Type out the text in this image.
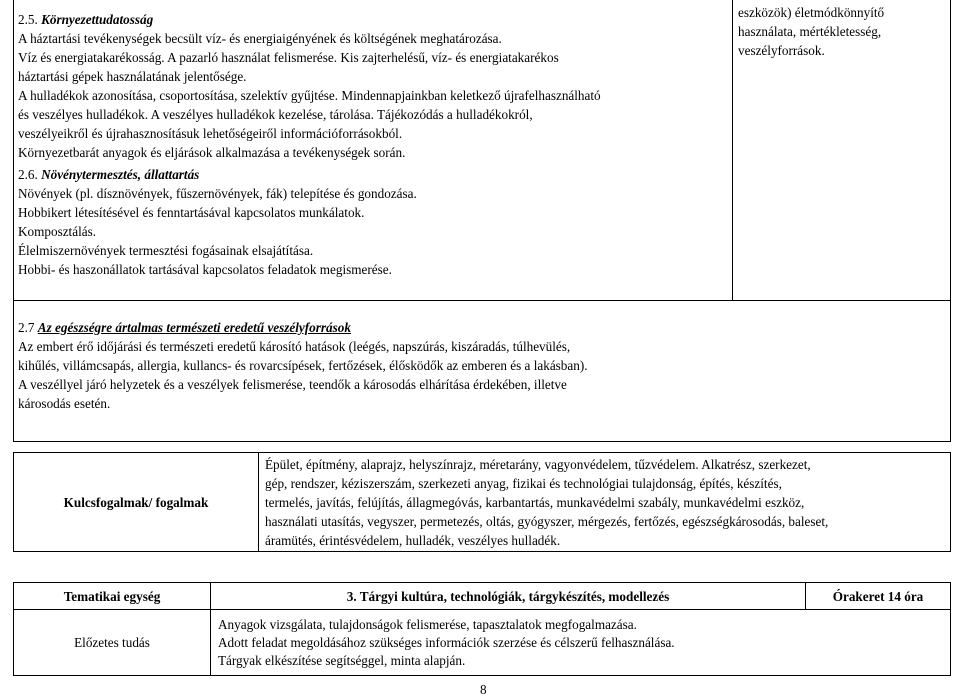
2.5. Környezettudatosság
A háztartási tevékenységek becsült víz- és energiaigényének és költségének meghatározása.
Víz és energiatakarékosság. A pazarló használat felismerése. Kis zajterhelésű, víz- és energiatakarékos
háztartási gépek használatának jelentősége.
A hulladékok azonosítása, csoportosítása, szelektív gyűjtése. Mindennapjainkban keletkező újrafelhasználható
és veszélyes hulladékok. A veszélyes hulladékok kezelése, tárolása. Tájékozódás a hulladékokról,
veszélyeikről és újrahasznosításuk lehetőségeiről információforrásokból.
Környezetbarát anyagok és eljárások alkalmazása a tevékenységek során.
2.6. Növénytermesztés, állattartás
Növények (pl. dísznövények, fűszernövények, fák) telepítése és gondozása.
Hobbikert létesítésével és fenntartásával kapcsolatos munkálatok.
Komposztálás.
Élelmiszernövények termesztési fogásainak elsajátítása.
Hobbi- és haszonállatok tartásával kapcsolatos feladatok megismerése.
eszközök) életmódkönnyítő
használata, mértékletesség,
veszélyforrások.
2.7 Az egészségre ártalmas természeti eredetű veszélyforrások
Az embert érő időjárási és természeti eredetű károsító hatások (leégés, napszúrás, kiszáradás, túlhevülés,
kihűlés, villámcsapás, allergia, kullancs- és rovarcsípések, fertőzések, élősködők az emberen és a lakásban).
A veszéllyel járó helyzetek és a veszélyek felismerése, teendők a károsodás elhárítása érdekében, illetve
károsodás esetén.
Kulcsfogalmak/ fogalmak
Épület, építmény, alaprajz, helyszínrajz, méretarány, vagyonvédelem, tűzvédelem. Alkatrész, szerkezet,
gép, rendszer, kéziszerszám, szerkezeti anyag, fizikai és technológiai tulajdonság, építés, készítés,
termelés, javítás, felújítás, állagmegóvás, karbantartás, munkavédelmi szabály, munkavédelmi eszköz,
használati utasítás, vegyszer, permetezés, oltás, gyógyszer, mérgezés, fertőzés, egészségkárosodás, baleset,
áramütés, érintésvédelem, hulladék, veszélyes hulladék.
Tematikai egység	3. Tárgyi kultúra, technológiák, tárgykészítés, modellezés	Órakeret 14 óra
Előzetes tudás
Anyagok vizsgálata, tulajdonságok felismerése, tapasztalatok megfogalmazása.
Adott feladat megoldásához szükséges információk szerzése és célszerű felhasználása.
Tárgyak elkészítése segítséggel, minta alapján.
8
